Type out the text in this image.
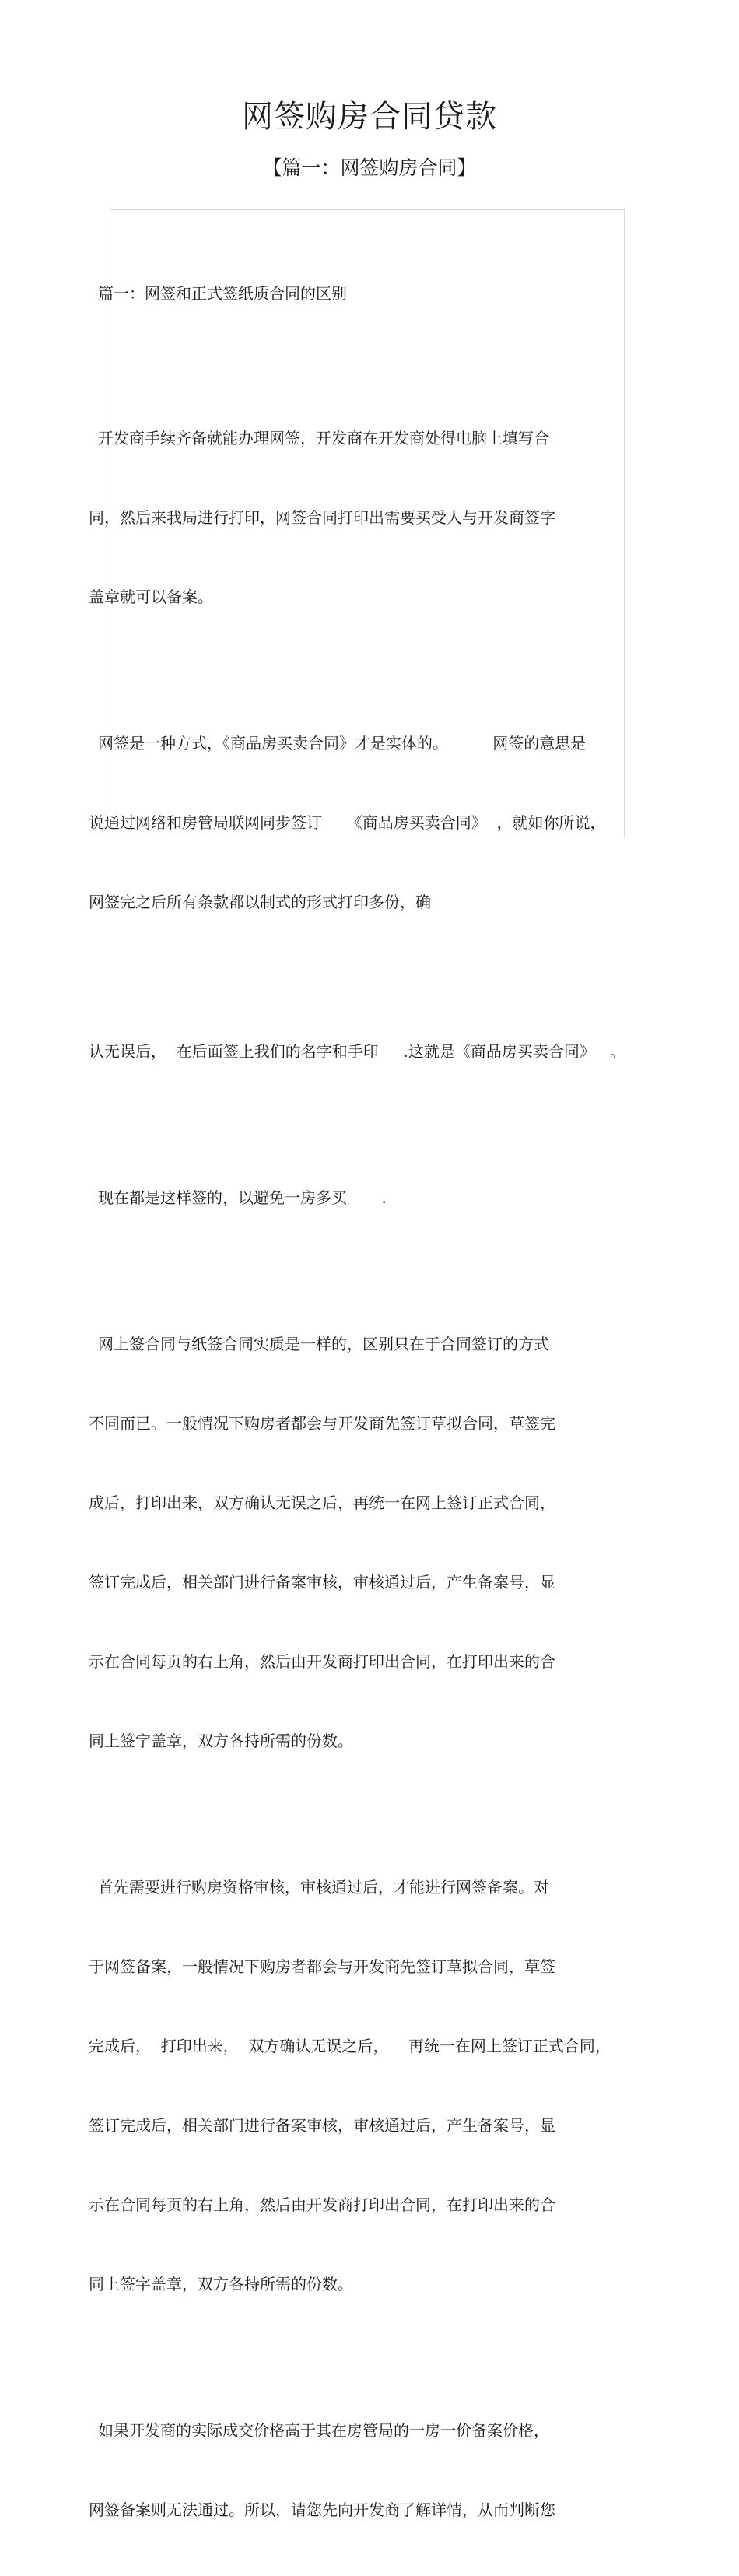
网签购房合同贷款
【篇一：网签购房合同】

篇一：网签和正式签纸质合同的区别

开发商手续齐备就能办理网签，开发商在开发商处得电脑上填写合

同，然后来我局进行打印，网签合同打印出需要买受人与开发商签字

盖章就可以备案。

网签是一种方式，《商品房买卖合同》才是实体的。         网签的意思是

说通过网络和房管局联网同步签订     《商品房买卖合同》  ，就如你所说，

网签完之后所有条款都以制式的形式打印多份，确

认无误后，  在后面签上我们的名字和手印     .这就是《商品房买卖合同》   。

现在都是这样签的，以避免一房多买       .

网上签合同与纸签合同实质是一样的，区别只在于合同签订的方式

不同而已。一般情况下购房者都会与开发商先签订草拟合同，草签完

成后，打印出来，双方确认无误之后，再统一在网上签订正式合同，

签订完成后，相关部门进行备案审核，审核通过后，产生备案号，显

示在合同每页的右上角，然后由开发商打印出合同，在打印出来的合

同上签字盖章，双方各持所需的份数。

首先需要进行购房资格审核，审核通过后，才能进行网签备案。对

于网签备案，一般情况下购房者都会与开发商先签订草拟合同，草签

完成后，  打印出来，  双方确认无误之后，    再统一在网上签订正式合同，

签订完成后，相关部门进行备案审核，审核通过后，产生备案号，显

示在合同每页的右上角，然后由开发商打印出合同，在打印出来的合

同上签字盖章，双方各持所需的份数。

如果开发商的实际成交价格高于其在房管局的一房一价备案价格，

网签备案则无法通过。所以，请您先向开发商了解详情，从而判断您
